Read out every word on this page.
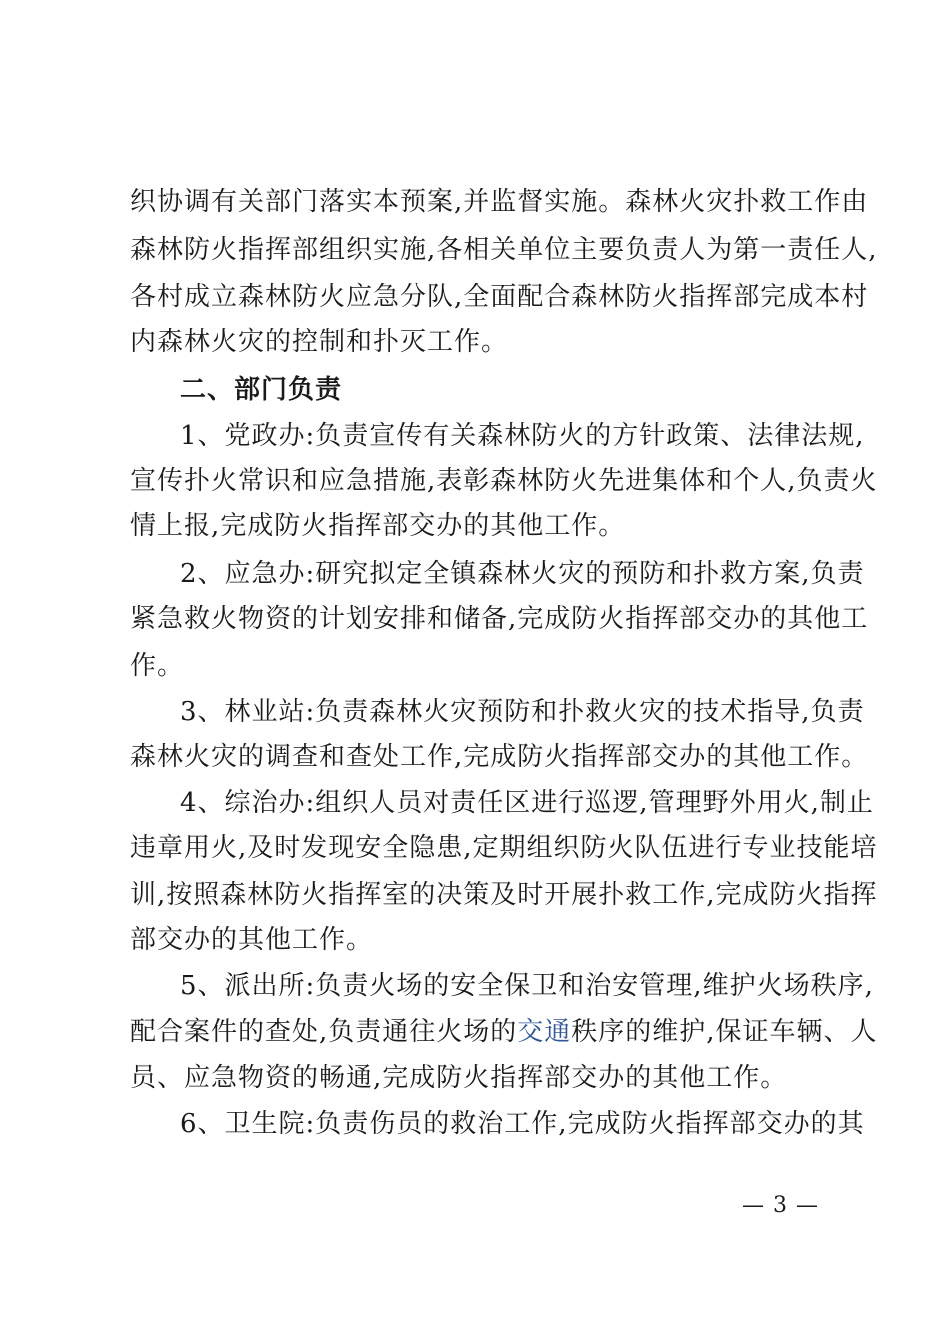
织协调有关部门落实本预案,并监督实施。森林火灾扑救工作由
森林防火指挥部组织实施,各相关单位主要负责人为第一责任人,
各村成立森林防火应急分队,全面配合森林防火指挥部完成本村
内森林火灾的控制和扑灭工作。
二、部门负责
1、党政办:负责宣传有关森林防火的方针政策、法律法规,
宣传扑火常识和应急措施,表彰森林防火先进集体和个人,负责火
情上报,完成防火指挥部交办的其他工作。
2、应急办:研究拟定全镇森林火灾的预防和扑救方案,负责
紧急救火物资的计划安排和储备,完成防火指挥部交办的其他工
作。
3、林业站:负责森林火灾预防和扑救火灾的技术指导,负责
森林火灾的调查和查处工作,完成防火指挥部交办的其他工作。
4、综治办:组织人员对责任区进行巡逻,管理野外用火,制止
违章用火,及时发现安全隐患,定期组织防火队伍进行专业技能培
训,按照森林防火指挥室的决策及时开展扑救工作,完成防火指挥
部交办的其他工作。
5、派出所:负责火场的安全保卫和治安管理,维护火场秩序,
配合案件的查处,负责通往火场的交通秩序的维护,保证车辆、人
员、应急物资的畅通,完成防火指挥部交办的其他工作。
6、卫生院:负责伤员的救治工作,完成防火指挥部交办的其
— 3 —
